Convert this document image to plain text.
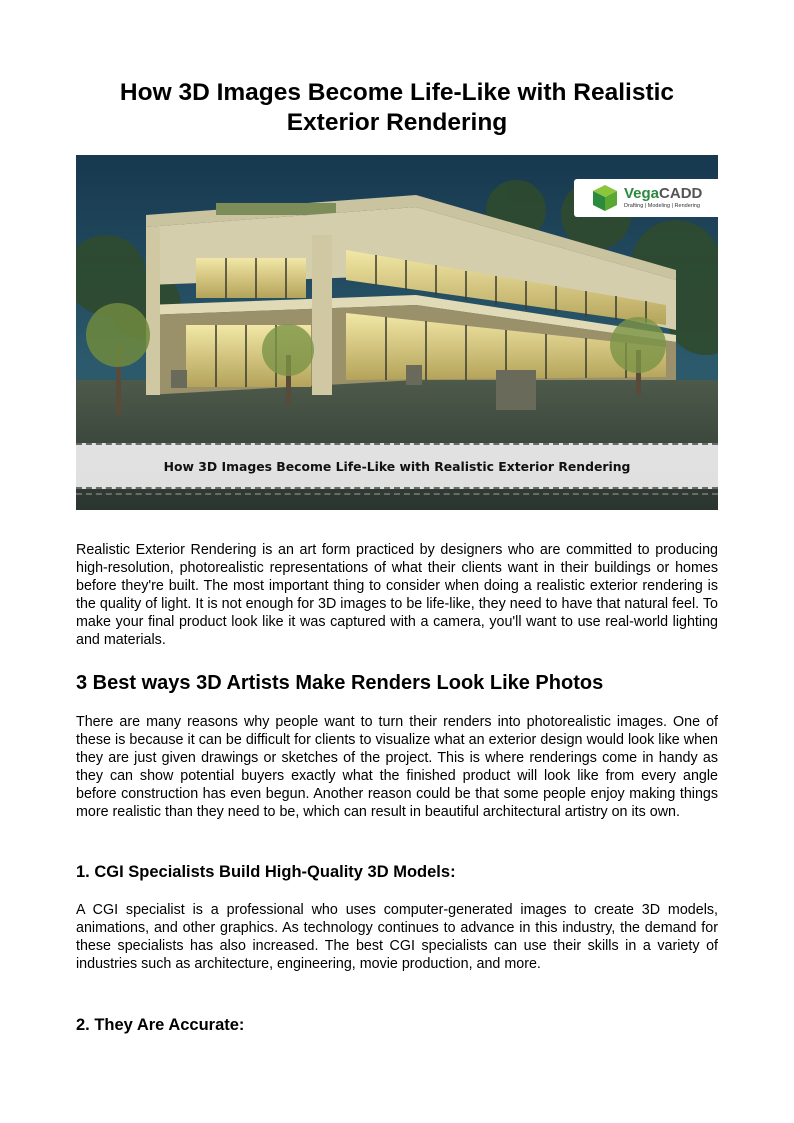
How 3D Images Become Life-Like with Realistic Exterior Rendering
VegaCADD
Drafting | Modeling | Rendering
How 3D Images Become Life-Like with Realistic Exterior Rendering

Realistic Exterior Rendering is an art form practiced by designers who are committed to producing high-resolution, photorealistic representations of what their clients want in their buildings or homes before they're built. The most important thing to consider when doing a realistic exterior rendering is the quality of light. It is not enough for 3D images to be life-like, they need to have that natural feel. To make your final product look like it was captured with a camera, you'll want to use real-world lighting and materials.

3 Best ways 3D Artists Make Renders Look Like Photos

There are many reasons why people want to turn their renders into photorealistic images. One of these is because it can be difficult for clients to visualize what an exterior design would look like when they are just given drawings or sketches of the project. This is where renderings come in handy as they can show potential buyers exactly what the finished product will look like from every angle before construction has even begun. Another reason could be that some people enjoy making things more realistic than they need to be, which can result in beautiful architectural artistry on its own.

1. CGI Specialists Build High-Quality 3D Models:

A CGI specialist is a professional who uses computer-generated images to create 3D models, animations, and other graphics. As technology continues to advance in this industry, the demand for these specialists has also increased. The best CGI specialists can use their skills in a variety of industries such as architecture, engineering, movie production, and more.

2. They Are Accurate:
